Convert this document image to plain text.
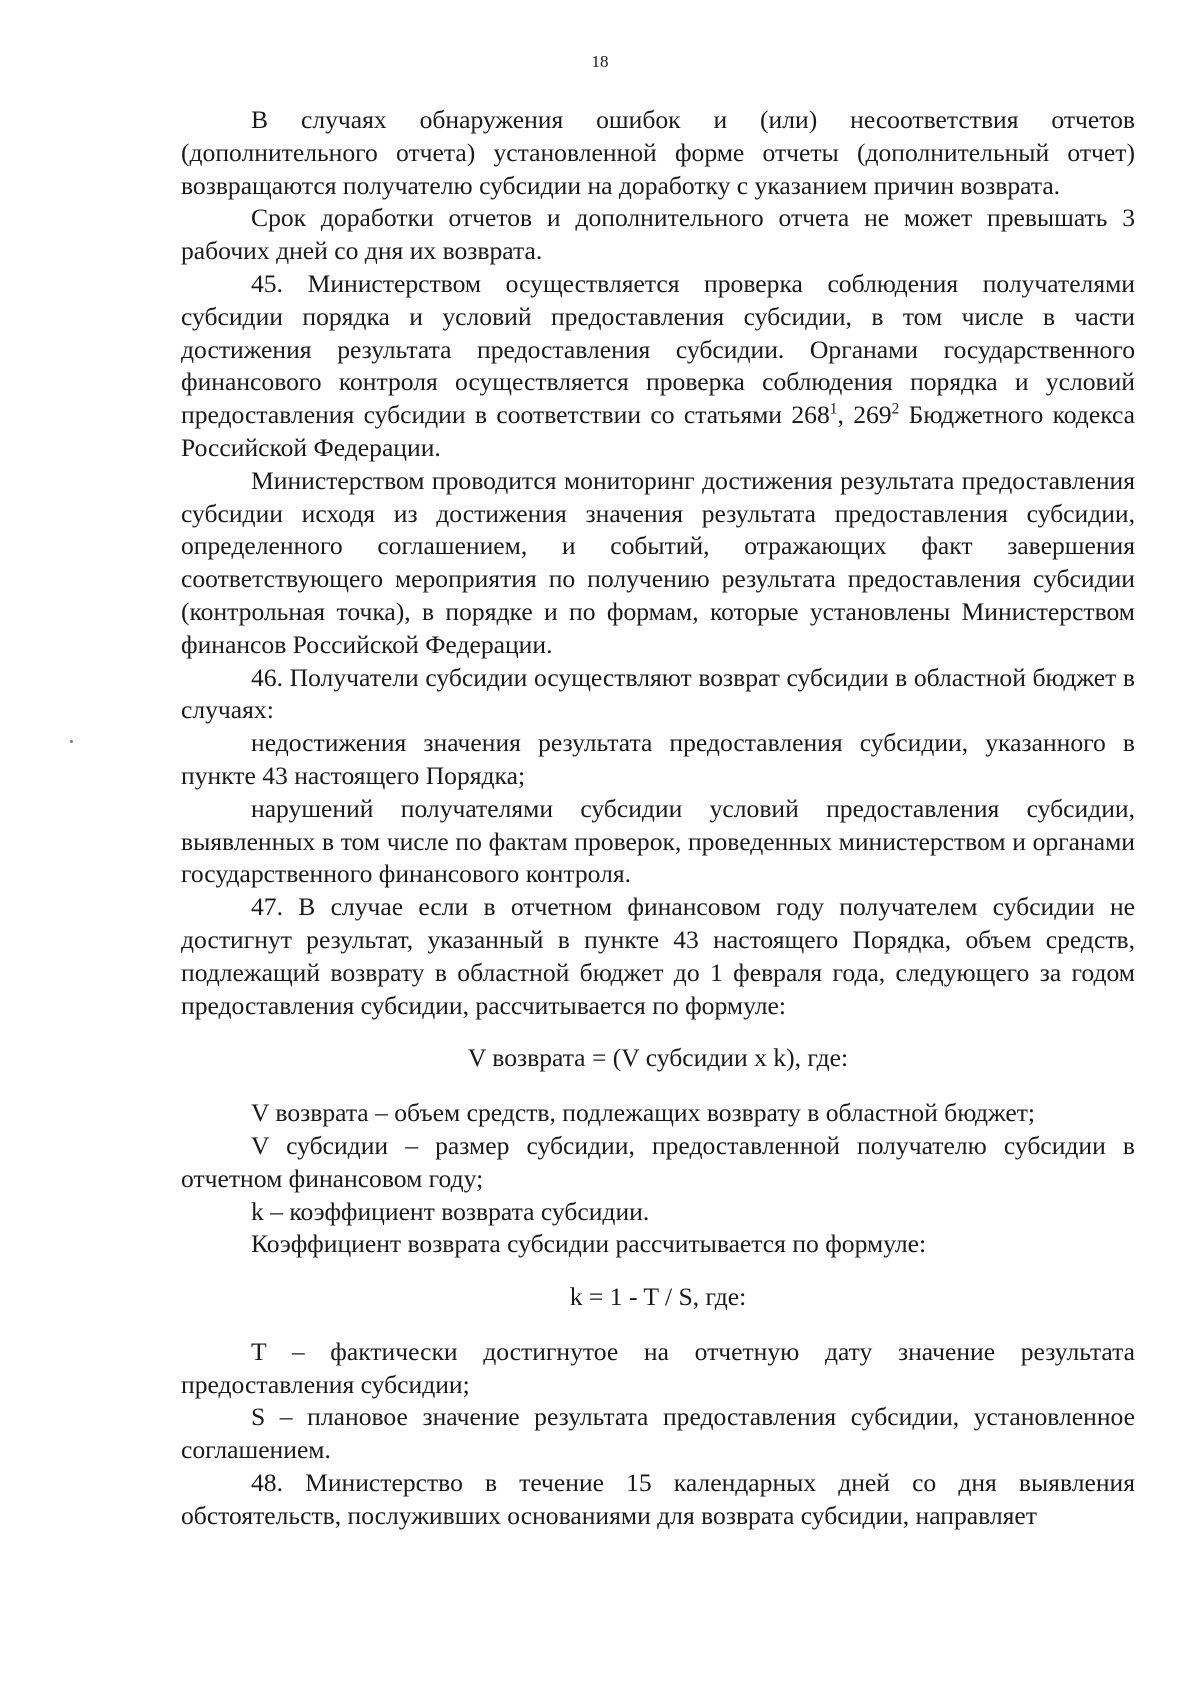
18

В случаях обнаружения ошибок и (или) несоответствия отчетов (дополнительного отчета) установленной форме отчеты (дополнительный отчет) возвращаются получателю субсидии на доработку с указанием причин возврата.

Срок доработки отчетов и дополнительного отчета не может превышать 3 рабочих дней со дня их возврата.

45. Министерством осуществляется проверка соблюдения получателями субсидии порядка и условий предоставления субсидии, в том числе в части достижения результата предоставления субсидии. Органами государственного финансового контроля осуществляется проверка соблюдения порядка и условий предоставления субсидии в соответствии со статьями $268^1$, $269^2$ Бюджетного кодекса Российской Федерации.

Министерством проводится мониторинг достижения результата предоставления субсидии исходя из достижения значения результата предоставления субсидии, определенного соглашением, и событий, отражающих факт завершения соответствующего мероприятия по получению результата предоставления субсидии (контрольная точка), в порядке и по формам, которые установлены Министерством финансов Российской Федерации.

46. Получатели субсидии осуществляют возврат субсидии в областной бюджет в случаях:

недостижения значения результата предоставления субсидии, указанного в пункте 43 настоящего Порядка;

нарушений получателями субсидии условий предоставления субсидии, выявленных в том числе по фактам проверок, проведенных министерством и органами государственного финансового контроля.

47. В случае если в отчетном финансовом году получателем субсидии не достигнут результат, указанный в пункте 43 настоящего Порядка, объем средств, подлежащий возврату в областной бюджет до 1 февраля года, следующего за годом предоставления субсидии, рассчитывается по формуле:

V возврата = (V субсидии x k), где:

V возврата – объем средств, подлежащих возврату в областной бюджет;

V субсидии – размер субсидии, предоставленной получателю субсидии в отчетном финансовом году;

k – коэффициент возврата субсидии.

Коэффициент возврата субсидии рассчитывается по формуле:

k = 1 - T / S, где:

T – фактически достигнутое на отчетную дату значение результата предоставления субсидии;

S – плановое значение результата предоставления субсидии, установленное соглашением.

48. Министерство в течение 15 календарных дней со дня выявления обстоятельств, послуживших основаниями для возврата субсидии, направляет
